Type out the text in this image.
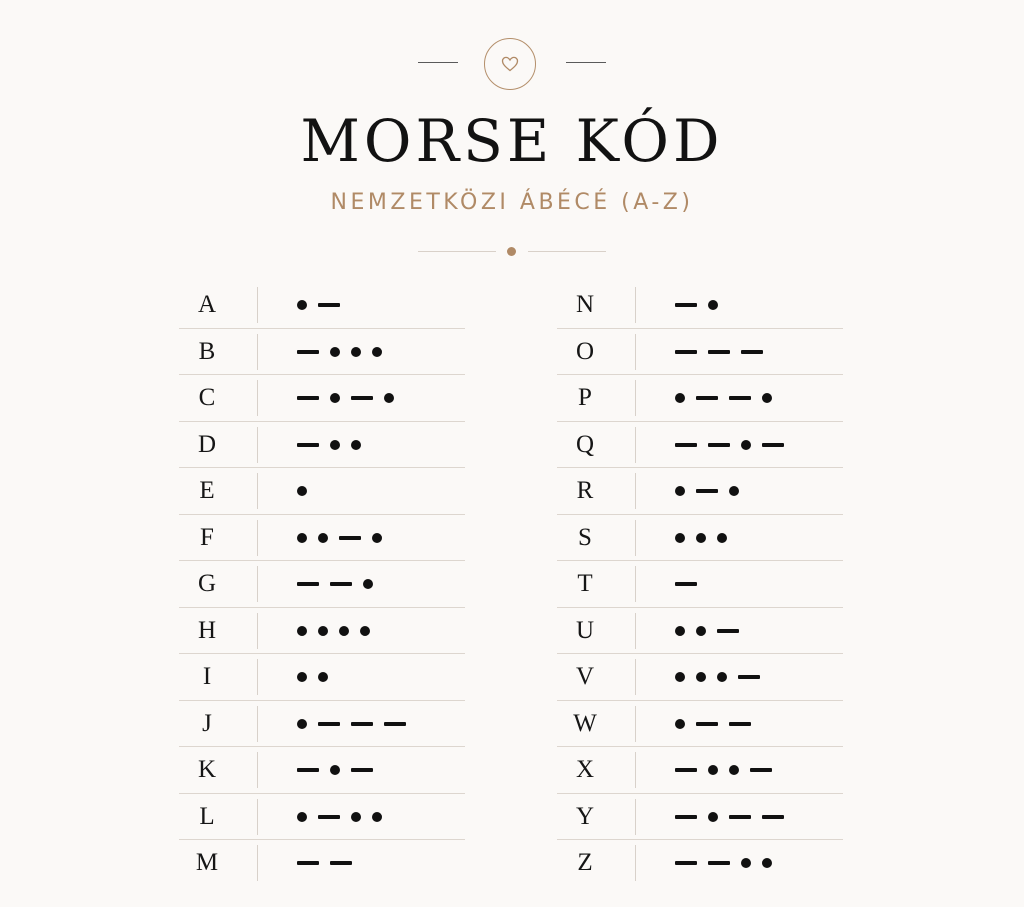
MORSE KÓD
NEMZETKÖZI ÁBÉCÉ (A-Z)
A
B
C
D
E
F
G
H
I
J
K
L
M
N
O
P
Q
R
S
T
U
V
W
X
Y
Z
